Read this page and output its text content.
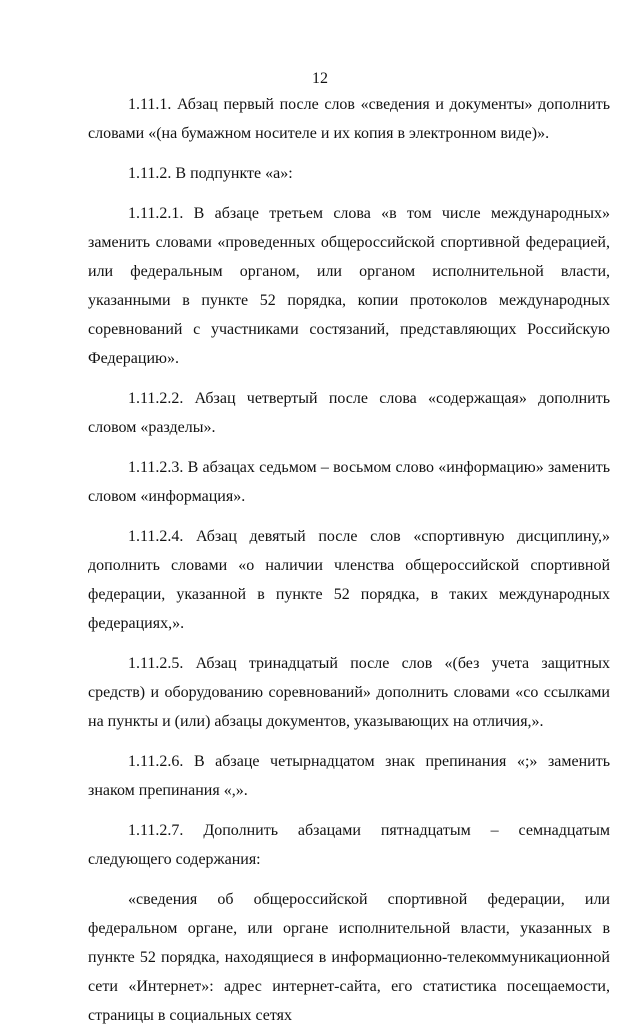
12

1.11.1. Абзац первый после слов «сведения и документы» дополнить словами «(на бумажном носителе и их копия в электронном виде)».

1.11.2. В подпункте «а»:

1.11.2.1. В абзаце третьем слова «в том числе международных» заменить словами «проведенных общероссийской спортивной федерацией, или федеральным органом, или органом исполнительной власти, указанными в пункте 52 порядка, копии протоколов международных соревнований с участниками состязаний, представляющих Российскую Федерацию».

1.11.2.2. Абзац четвертый после слова «содержащая» дополнить словом «разделы».

1.11.2.3. В абзацах седьмом – восьмом слово «информацию» заменить словом «информация».

1.11.2.4. Абзац девятый после слов «спортивную дисциплину,» дополнить словами «о наличии членства общероссийской спортивной федерации, указанной в пункте 52 порядка, в таких международных федерациях,».

1.11.2.5. Абзац тринадцатый после слов «(без учета защитных средств) и оборудованию соревнований» дополнить словами «со ссылками на пункты и (или) абзацы документов, указывающих на отличия,».

1.11.2.6. В абзаце четырнадцатом знак препинания «;» заменить знаком препинания «,».

1.11.2.7. Дополнить абзацами пятнадцатым – семнадцатым следующего содержания:

«сведения об общероссийской спортивной федерации, или федеральном органе, или органе исполнительной власти, указанных в пункте 52 порядка, находящиеся в информационно-телекоммуникационной сети «Интернет»: адрес интернет-сайта, его статистика посещаемости, страницы в социальных сетях
